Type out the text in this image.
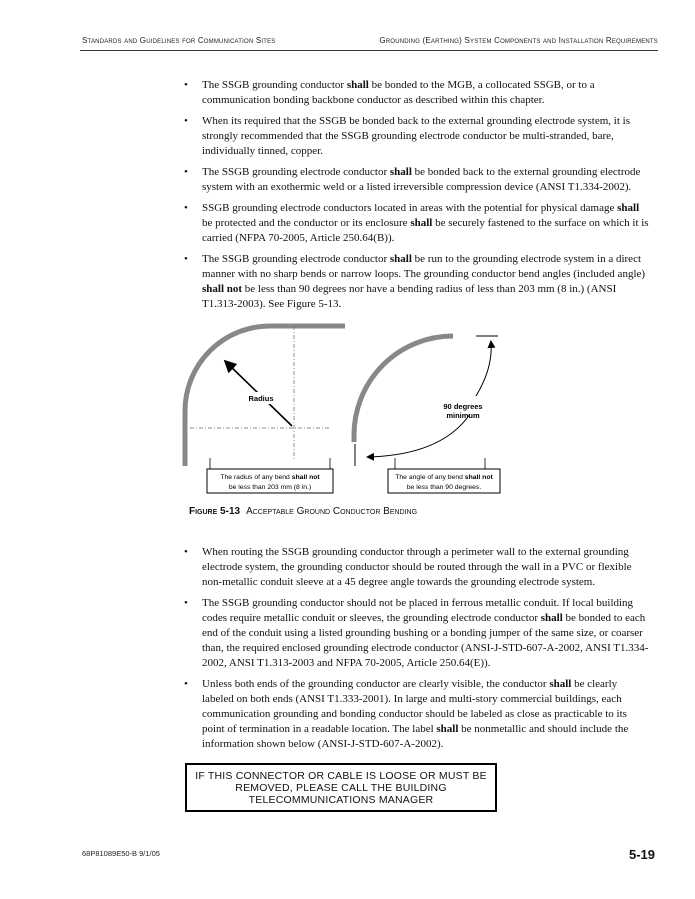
Standards and Guidelines for Communication Sites	Grounding (Earthing) System Components and Installation Requirements
• The SSGB grounding conductor shall be bonded to the MGB, a collocated SSGB, or to a communication bonding backbone conductor as described within this chapter.
• When its required that the SSGB be bonded back to the external grounding electrode system, it is strongly recommended that the SSGB grounding electrode conductor be multi-stranded, bare, individually tinned, copper.
• The SSGB grounding electrode conductor shall be bonded back to the external grounding electrode system with an exothermic weld or a listed irreversible compression device (ANSI T1.334-2002).
• SSGB grounding electrode conductors located in areas with the potential for physical damage shall be protected and the conductor or its enclosure shall be securely fastened to the surface on which it is carried (NFPA 70-2005, Article 250.64(B)).
• The SSGB grounding electrode conductor shall be run to the grounding electrode system in a direct manner with no sharp bends or narrow loops. The grounding conductor bend angles (included angle) shall not be less than 90 degrees nor have a bending radius of less than 203 mm (8 in.) (ANSI T1.313-2003). See Figure 5-13.
Radius
90 degrees
minimum
The radius of any bend shall not
be less than 203 mm (8 in.)
The angle of any bend shall not
be less than 90 degrees.
Figure 5-13 Acceptable Ground Conductor Bending
• When routing the SSGB grounding conductor through a perimeter wall to the external grounding electrode system, the grounding conductor should be routed through the wall in a PVC or flexible non-metallic conduit sleeve at a 45 degree angle towards the grounding electrode system.
• The SSGB grounding conductor should not be placed in ferrous metallic conduit. If local building codes require metallic conduit or sleeves, the grounding electrode conductor shall be bonded to each end of the conduit using a listed grounding bushing or a bonding jumper of the same size, or coarser than, the required enclosed grounding electrode conductor (ANSI-J-STD-607-A-2002, ANSI T1.334-2002, ANSI T1.313-2003 and NFPA 70-2005, Article 250.64(E)).
• Unless both ends of the grounding conductor are clearly visible, the conductor shall be clearly labeled on both ends (ANSI T1.333-2001). In large and multi-story commercial buildings, each communication grounding and bonding conductor should be labeled as close as practicable to its point of termination in a readable location. The label shall be nonmetallic and should include the information shown below (ANSI-J-STD-607-A-2002).
IF THIS CONNECTOR OR CABLE IS LOOSE OR MUST BE
REMOVED, PLEASE CALL THE BUILDING
TELECOMMUNICATIONS MANAGER
68P81089E50-B 9/1/05	5-19
